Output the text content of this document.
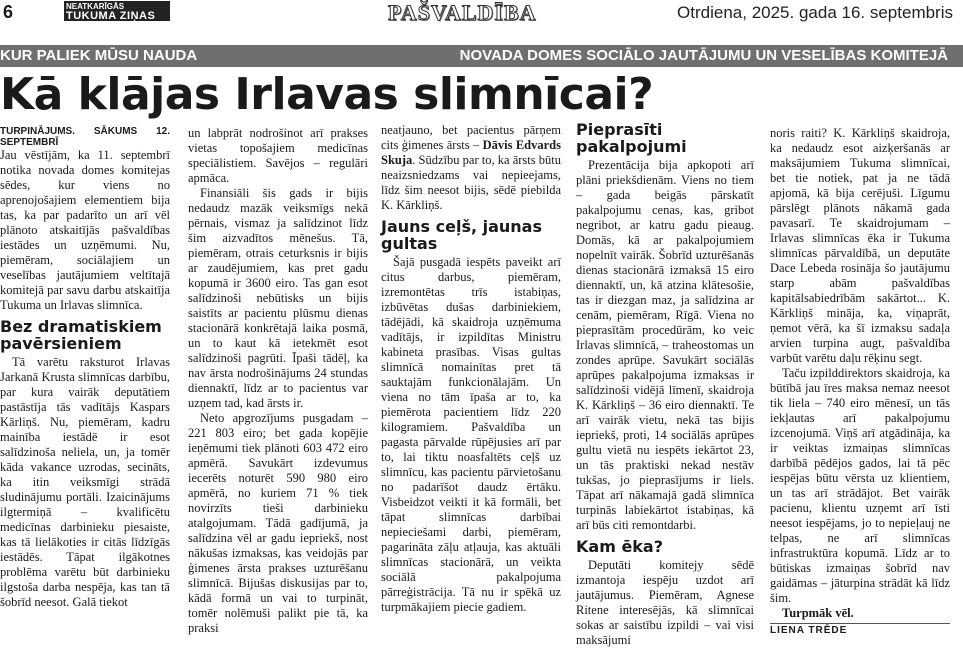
6	NEATKARĪGĀS
TUKUMA ZIŅAS	PAŠVALDĪBA	Otrdiena, 2025. gada 16. septembris
KUR PALIEK MŪSU NAUDA	NOVADA DOMES SOCIĀLO JAUTĀJUMU UN VESELĪBAS KOMITEJĀ
Kā klājas Irlavas slimnīcai?

TURPINĀJUMS. SĀKUMS 12. SEPTEMBRĪ

Jau vēstījām, ka 11. septembrī notika novada domes komitejas sēdes, kur viens no aprenojošajiem elementiem bija tas, ka par padarīto un arī vēl plānoto atskaitījās pašvaldības iestādes un uzņēmumi. Nu, piemēram, sociālajiem un veselības jautājumiem veltītajā komitejā par savu darbu atskaitīja Tukuma un Irlavas slimnīca.

Bez dramatiskiem pavērsieniem

Tā varētu raksturot Irlavas Jarkanā Krusta slimnīcas darbību, par kura vairāk deputātiem pastāstīja tās vadītājs Kaspars Kārliņš. Nu, piemēram, kadru mainība iestādē ir esot salīdzinoša neliela, un, ja tomēr kāda vakance uzrodas, secināts, ka itin veiksmīgi strādā sludinājumu portāli. Izaicinājums ilgtermiņā – kvalificētu medicīnas darbinieku piesaiste, kas tā lielākoties ir citās līdzīgās iestādēs. Tāpat ilgākotnes problēma varētu būt darbinieku ilgstoša darba nespēja, kas tan tā šobrīd neesot. Galā tiekot

un labprāt nodrošinot arī prakses vietas topošajiem medicīnas speciālistiem. Savējos – regulāri apmāca.

Finansiāli šis gads ir bijis nedaudz mazāk veiksmīgs nekā pērnais, vismaz ja salīdzinot līdz šim aizvadītos mēnešus. Tā, piemēram, otrais ceturksnis ir bijis ar zaudējumiem, kas pret gadu kopumā ir 3600 eiro. Tas gan esot salīdzinoši nebūtisks un bijis saistīts ar pacientu plūsmu dienas stacionārā konkrētajā laika posmā, un to kaut kā ietekmēt esot salīdzinoši pagrūti. Īpaši tādēļ, ka nav ārsta nodrošinājums 24 stundas diennaktī, līdz ar to pacientus var uzņem tad, kad ārsts ir.

Neto apgrozījums pusgadam – 221 803 eiro; bet gada kopējie ieņēmumi tiek plānoti 603 472 eiro apmērā. Savukārt izdevumus iecerēts noturēt 590 980 eiro apmērā, no kuriem 71 % tiek novirzīts tieši darbinieku atalgojumam. Tādā gadījumā, ja salīdzina vēl ar gadu iepriekš, nost nākušas izmaksas, kas veidojās par ģimenes ārsta prakses uzturēšanu slimnīcā. Bijušas diskusijas par to, kādā formā un vai to turpināt, tomēr nolēmuši palikt pie tā, ka praksi

neatjauno, bet pacientus pārņem cits ģimenes ārsts – Dāvis Edvards Skuja. Sūdzību par to, ka ārsts būtu neaizsniedzams vai nepieejams, līdz šim neesot bijis, sēdē piebilda K. Kārkliņš.

Jauns ceļš, jaunas gultas

Šajā pusgadā iespēts paveikt arī citus darbus, piemēram, izremontētas trīs istabiņas, izbūvētas dušas darbiniekiem, tādējādi, kā skaidroja uzņēmuma vadītājs, ir izpildītas Ministru kabineta prasības. Visas gultas slimnīcā nomainītas pret tā sauktajām funkcionālajām. Un viena no tām īpaša ar to, ka piemērota pacientiem līdz 220 kilogramiem. Pašvaldība un pagasta pārvalde rūpējusies arī par to, lai tiktu noasfaltēts ceļš uz slimnīcu, kas pacientu pārvietošanu no padarīšot daudz ērtāku. Visbeidzot veikti it kā formāli, bet tāpat slimnīcas darbībai nepieciešami darbi, piemēram, pagarināta zāļu atļauja, kas aktuāli slimnīcas stacionārā, un veikta sociālā pakalpojuma pārreģistrācija. Tā nu ir spēkā uz turpmākajiem piecie gadiem.

Pieprasīti pakalpojumi

Prezentācija bija apkopoti arī plāni priekšdienām. Viens no tiem – gada beigās pārskatīt pakalpojumu cenas, kas, gribot negribot, ar katru gadu pieaug. Domās, kā ar pakalpojumiem nopelnīt vairāk. Šobrīd uzturēšanās dienas stacionārā izmaksā 15 eiro diennaktī, un, kā atzina klātesošie, tas ir diezgan maz, ja salīdzina ar cenām, piemēram, Rīgā. Viena no pieprasītām procedūrām, ko veic Irlavas slimnīcā, – traheostomas un zondes aprūpe. Savukārt sociālās aprūpes pakalpojuma izmaksas ir salīdzinoši vidējā līmenī, skaidroja K. Kārkliņš – 36 eiro diennaktī. Te arī vairāk vietu, nekā tas bijis iepriekš, proti, 14 sociālās aprūpes gultu vietā nu iespēts iekārtot 23, un tās praktiski nekad nestāv tukšas, jo pieprasījums ir liels. Tāpat arī nākamajā gadā slimnīca turpinās labiekārtot istabiņas, kā arī būs citi remontdarbi.

Kam ēka?

Deputāti komitejу sēdē izmantoja iespēju uzdot arī jautājumus. Piemēram, Agnese Ritene interesējās, kā slimnīcai sokas ar saistību izpildi – vai visi maksājumi

noris raiti? K. Kārkliņš skaidroja, ka nedaudz esot aizķeršanās ar maksājumiem Tukuma slimnīcai, bet tie notiek, pat ja ne tādā apjomā, kā bija cerējuši. Līgumu pārslēgt plānots nākamā gada pavasarī. Te skaidrojumam – Irlavas slimnīcas ēka ir Tukuma slimnīcas pārvaldībā, un deputāte Dace Lebeda rosināja šo jautājumu starp abām pašvaldības kapitālsabiedrībām sakārtot... K. Kārkliņš mināja, ka, viņaprāt, ņemot vērā, ka šī izmaksu sadaļa arvien turpina augt, pašvaldība varbūt varētu daļu rēķinu segt.

Taču izpilddirektors skaidroja, ka būtībā jau īres maksa nemaz neesot tik liela – 740 eiro mēnesī, un tās iekļautas arī pakalpojumu izcenojumā. Viņš arī atgādināja, ka ir veiktas izmaiņas slimnīcas darbībā pēdējos gados, lai tā pēc iespējas būtu vērsta uz klientiem, un tas arī strādājot. Bet vairāk pacienu, klientu uzņemt arī īsti neesot iespējams, jo to nepieļauj ne telpas, ne arī slimnīcas infrastruktūra kopumā. Līdz ar to būtiskas izmaiņas šobrīd nav gaidāmas – jāturpina strādāt kā līdz šim.

Turpmāk vēl.

LIENA TRĒDE
